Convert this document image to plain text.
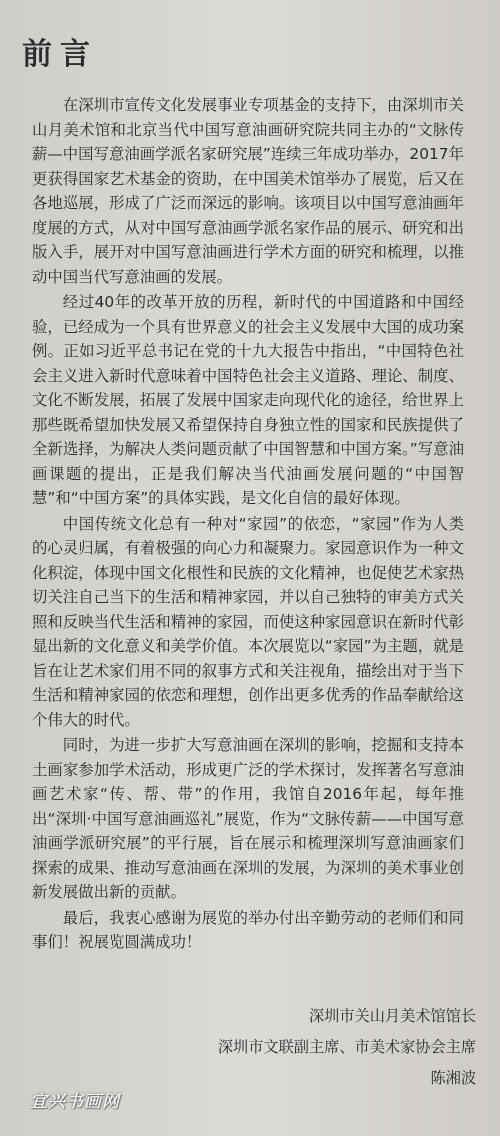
前言

在深圳市宣传文化发展事业专项基金的支持下，由深圳市关山月美术馆和北京当代中国写意油画研究院共同主办的“文脉传薪—中国写意油画学派名家研究展”连续三年成功举办，2017年更获得国家艺术基金的资助，在中国美术馆举办了展览，后又在各地巡展，形成了广泛而深远的影响。该项目以中国写意油画年度展的方式，从对中国写意油画学派名家作品的展示、研究和出版入手，展开对中国写意油画进行学术方面的研究和梳理，以推动中国当代写意油画的发展。

经过40年的改革开放的历程，新时代的中国道路和中国经验，已经成为一个具有世界意义的社会主义发展中大国的成功案例。正如习近平总书记在党的十九大报告中指出，“中国特色社会主义进入新时代意味着中国特色社会主义道路、理论、制度、文化不断发展，拓展了发展中国家走向现代化的途径，给世界上那些既希望加快发展又希望保持自身独立性的国家和民族提供了全新选择，为解决人类问题贡献了中国智慧和中国方案。”写意油画课题的提出，正是我们解决当代油画发展问题的“中国智慧”和“中国方案”的具体实践，是文化自信的最好体现。

中国传统文化总有一种对“家园”的依恋，“家园”作为人类的心灵归属，有着极强的向心力和凝聚力。家园意识作为一种文化积淀，体现中国文化根性和民族的文化精神，也促使艺术家热切关注自己当下的生活和精神家园，并以自己独特的审美方式关照和反映当代生活和精神的家园，而使这种家园意识在新时代彰显出新的文化意义和美学价值。本次展览以“家园”为主题，就是旨在让艺术家们用不同的叙事方式和关注视角，描绘出对于当下生活和精神家园的依恋和理想，创作出更多优秀的作品奉献给这个伟大的时代。

同时，为进一步扩大写意油画在深圳的影响，挖掘和支持本土画家参加学术活动，形成更广泛的学术探讨，发挥著名写意油画艺术家“传、帮、带”的作用，我馆自2016年起，每年推出“深圳·中国写意油画巡礼”展览，作为“文脉传薪——中国写意油画学派研究展”的平行展，旨在展示和梳理深圳写意油画家们探索的成果、推动写意油画在深圳的发展，为深圳的美术事业创新发展做出新的贡献。

最后，我衷心感谢为展览的举办付出辛勤劳动的老师们和同事们！祝展览圆满成功！

深圳市关山月美术馆馆长
深圳市文联副主席、市美术家协会主席
陈湘波
宜兴书画网
